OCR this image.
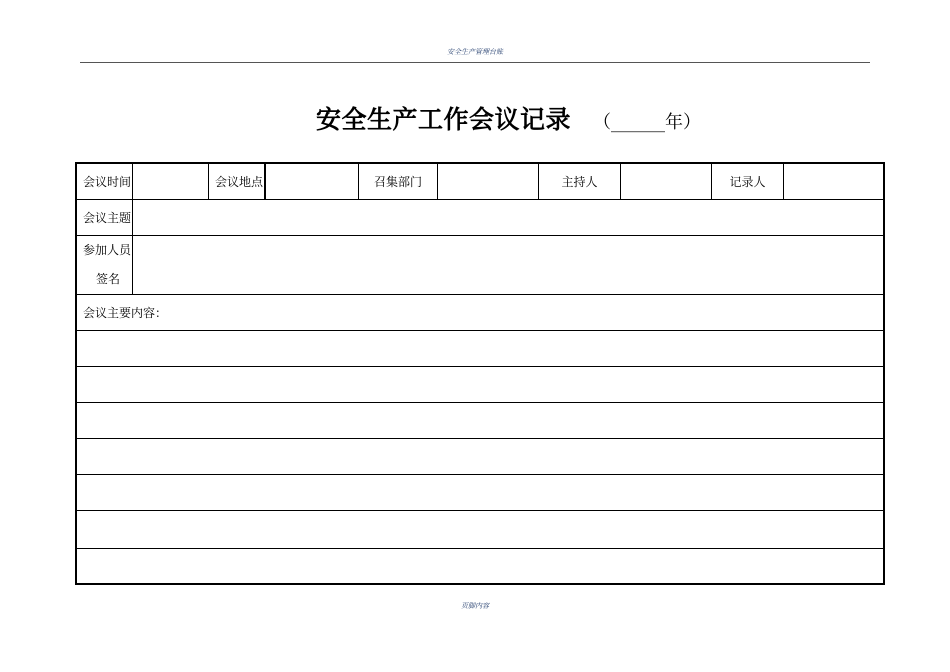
安全生产管理台账
安全生产工作会议记录 （______年）
会议时间	会议地点	召集部门	主持人	记录人
会议主题
参加人员
签名
会议主要内容：
页脚内容
